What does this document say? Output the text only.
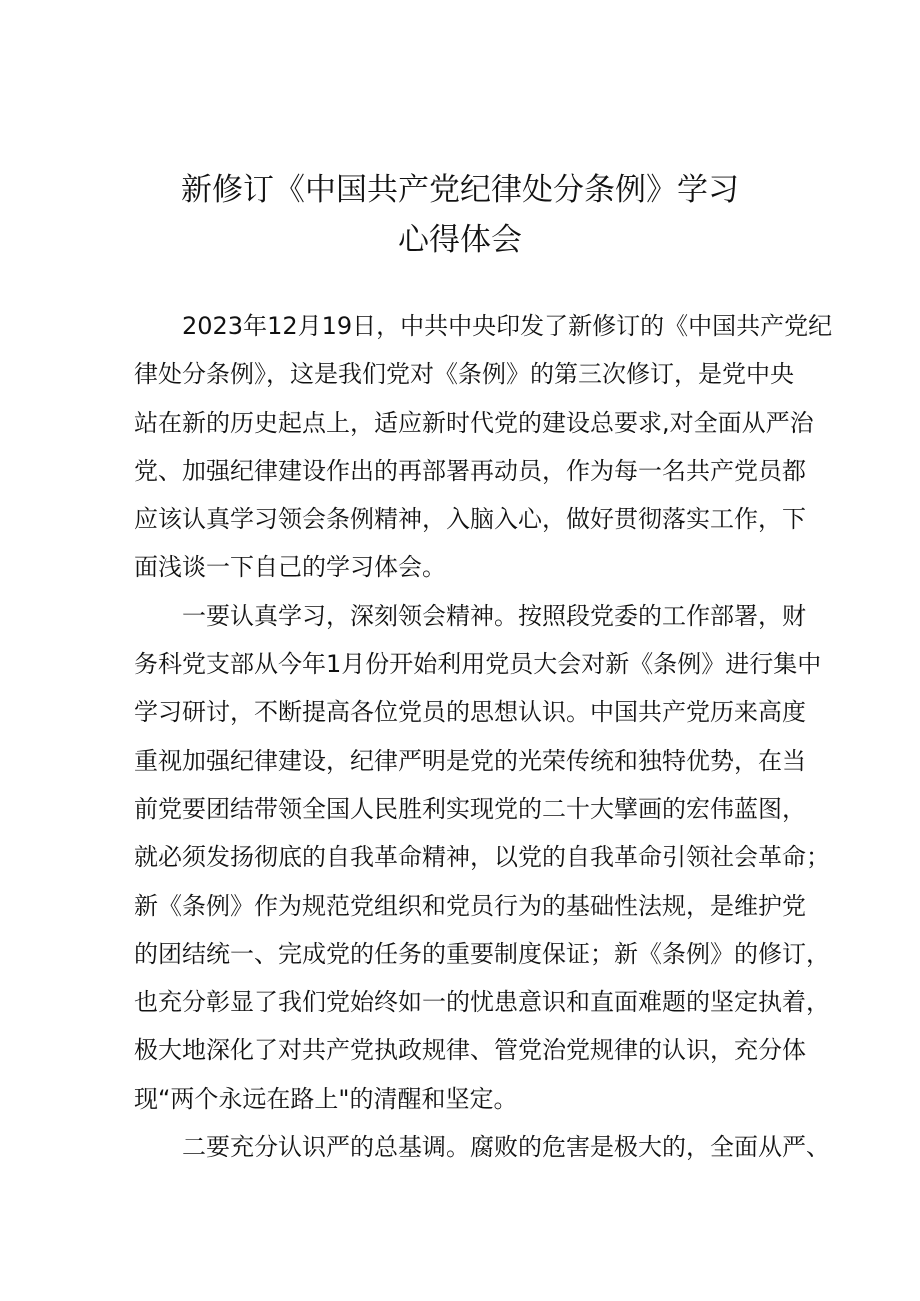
新修订《中国共产党纪律处分条例》学习
心得体会
2023年12月19日，中共中央印发了新修订的《中国共产党纪
律处分条例》，这是我们党对《条例》的第三次修订，是党中央
站在新的历史起点上，适应新时代党的建设总要求,对全面从严治
党、加强纪律建设作出的再部署再动员，作为每一名共产党员都
应该认真学习领会条例精神，入脑入心，做好贯彻落实工作，下
面浅谈一下自己的学习体会。
一要认真学习，深刻领会精神。按照段党委的工作部署，财
务科党支部从今年1月份开始利用党员大会对新《条例》进行集中
学习研讨，不断提高各位党员的思想认识。中国共产党历来高度
重视加强纪律建设，纪律严明是党的光荣传统和独特优势，在当
前党要团结带领全国人民胜利实现党的二十大擘画的宏伟蓝图，
就必须发扬彻底的自我革命精神，以党的自我革命引领社会革命；
新《条例》作为规范党组织和党员行为的基础性法规，是维护党
的团结统一、完成党的任务的重要制度保证；新《条例》的修订，
也充分彰显了我们党始终如一的忧患意识和直面难题的坚定执着，
极大地深化了对共产党执政规律、管党治党规律的认识，充分体
现“两个永远在路上"的清醒和坚定。
二要充分认识严的总基调。腐败的危害是极大的，全面从严、
